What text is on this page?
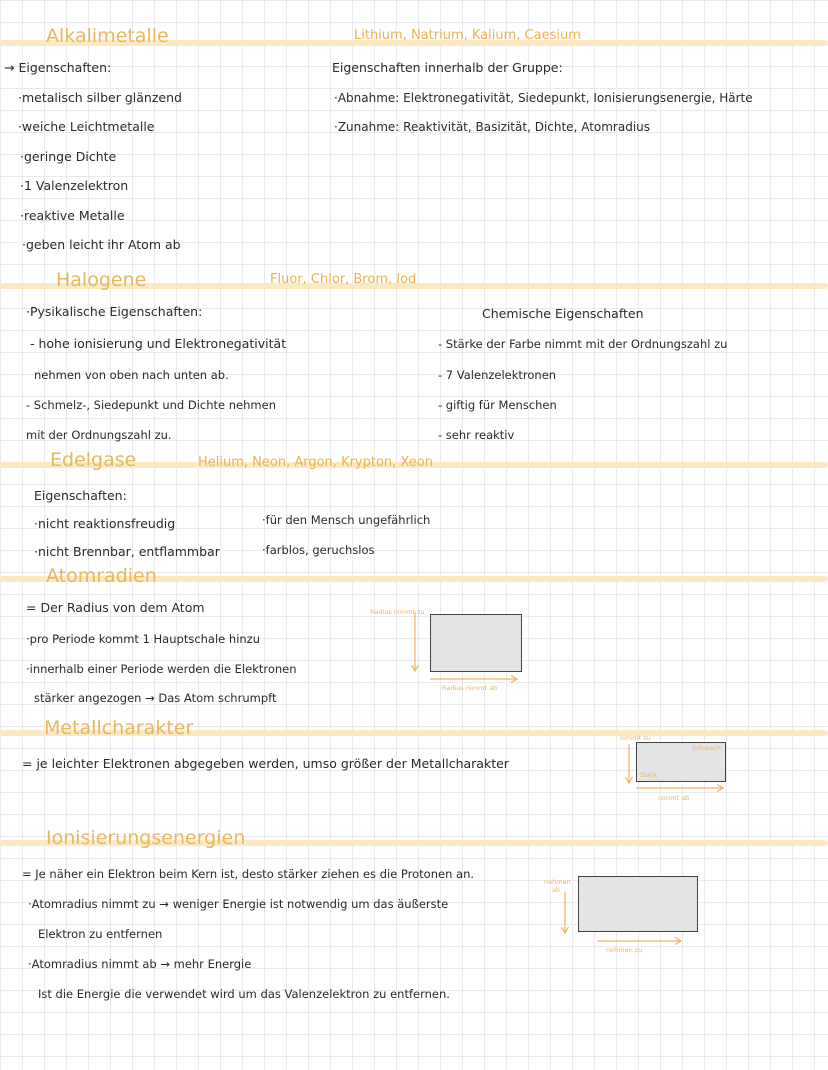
Alkalimetalle	Lithium, Natrium, Kalium, Caesium
→ Eigenschaften:
·metalisch silber glänzend
·weiche Leichtmetalle
·geringe Dichte
·1 Valenzelektron
·reaktive Metalle
·geben leicht ihr Atom ab
Eigenschaften innerhalb der Gruppe:
·Abnahme: Elektronegativität, Siedepunkt, Ionisierungsenergie, Härte
·Zunahme: Reaktivität, Basizität, Dichte, Atomradius
Halogene	Fluor, Chlor, Brom, Iod
·Pysikalische Eigenschaften:
- hohe ionisierung und Elektronegativität
nehmen von oben nach unten ab.
- Schmelz-, Siedepunkt und Dichte nehmen
mit der Ordnungszahl zu.
Chemische Eigenschaften
- Stärke der Farbe nimmt mit der Ordnungszahl zu
- 7 Valenzelektronen
- giftig für Menschen
- sehr reaktiv
Edelgase	Helium, Neon, Argon, Krypton, Xeon
Eigenschaften:
·nicht reaktionsfreudig
·nicht Brennbar, entflammbar
·für den Mensch ungefährlich
·farblos, geruchslos
Atomradien
= Der Radius von dem Atom
·pro Periode kommt 1 Hauptschale hinzu
·innerhalb einer Periode werden die Elektronen
stärker angezogen → Das Atom schrumpft
Radius nimmt zu
Radius nimmt ab
Metallcharakter
= je leichter Elektronen abgegeben werden, umso größer der Metallcharakter
nimmt zu
Schwach
Stark
nimmt ab
Ionisierungsenergien
= Je näher ein Elektron beim Kern ist, desto stärker ziehen es die Protonen an.
·Atomradius nimmt zu → weniger Energie ist notwendig um das äußerste
Elektron zu entfernen
·Atomradius nimmt ab → mehr Energie
Ist die Energie die verwendet wird um das Valenzelektron zu entfernen.
nehmen ab
nehmen zu
